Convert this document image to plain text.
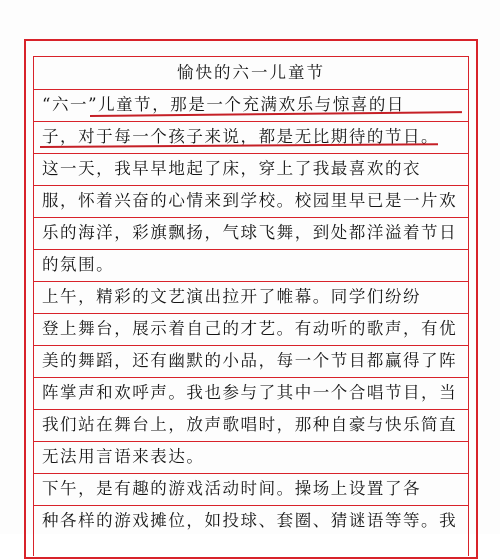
愉快的六一儿童节
“六一”儿童节，那是一个充满欢乐与惊喜的日
子，对于每一个孩子来说，都是无比期待的节日。
这一天，我早早地起了床，穿上了我最喜欢的衣
服，怀着兴奋的心情来到学校。校园里早已是一片欢
乐的海洋，彩旗飘扬，气球飞舞，到处都洋溢着节日
的氛围。
上午，精彩的文艺演出拉开了帷幕。同学们纷纷
登上舞台，展示着自己的才艺。有动听的歌声，有优
美的舞蹈，还有幽默的小品，每一个节目都赢得了阵
阵掌声和欢呼声。我也参与了其中一个合唱节目，当
我们站在舞台上，放声歌唱时，那种自豪与快乐简直
无法用言语来表达。
下午，是有趣的游戏活动时间。操场上设置了各
种各样的游戏摊位，如投球、套圈、猜谜语等等。我
